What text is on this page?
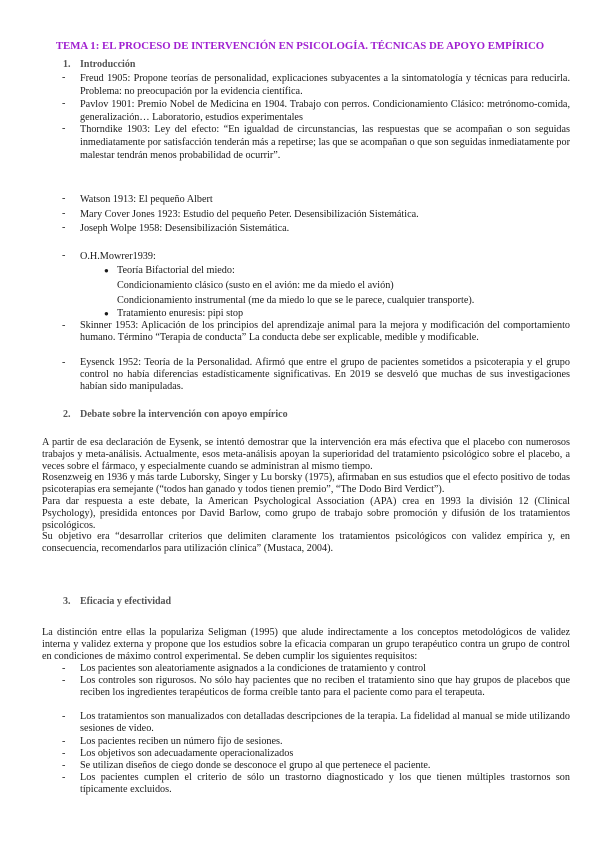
TEMA 1: EL PROCESO DE INTERVENCIÓN EN PSICOLOGÍA. TÉCNICAS DE APOYO EMPÍRICO
1. Introducción
- Freud 1905: Propone teorías de personalidad, explicaciones subyacentes a la sintomatología y técnicas para reducirla. Problema: no preocupación por la evidencia científica.
- Pavlov 1901: Premio Nobel de Medicina en 1904. Trabajo con perros. Condicionamiento Clásico: metrónomo-comida, generalización… Laboratorio, estudios experimentales
- Thorndike 1903: Ley del efecto: “En igualdad de circunstancias, las respuestas que se acompañan o son seguidas inmediatamente por satisfacción tenderán más a repetirse; las que se acompañan o que son seguidas inmediatamente por malestar tendrán menos probabilidad de ocurrir”.
- Watson 1913: El pequeño Albert
- Mary Cover Jones 1923: Estudio del pequeño Peter. Desensibilización Sistemática.
- Joseph Wolpe 1958: Desensibilización Sistemática.
- O.H.Mowrer1939:
● Teoría Bifactorial del miedo:
Condicionamiento clásico (susto en el avión: me da miedo el avión)
Condicionamiento instrumental (me da miedo lo que se le parece, cualquier transporte).
● Tratamiento enuresis: pipi stop
- Skinner 1953: Aplicación de los principios del aprendizaje animal para la mejora y modificación del comportamiento humano. Término “Terapia de conducta” La conducta debe ser explicable, medible y modificable.
- Eysenck 1952: Teoría de la Personalidad. Afirmó que entre el grupo de pacientes sometidos a psicoterapia y el grupo control no había diferencias estadísticamente significativas. En 2019 se desveló que muchas de sus investigaciones habían sido manipuladas.
2. Debate sobre la intervención con apoyo empírico
A partir de esa declaración de Eysenk, se intentó demostrar que la intervención era más efectiva que el placebo con numerosos trabajos y meta-análisis. Actualmente, esos meta-análisis apoyan la superioridad del tratamiento psicológico sobre el placebo, a veces sobre el fármaco, y especialmente cuando se administran al mismo tiempo.
Rosenzweig en 1936 y más tarde Luborsky, Singer y Lu borsky (1975), afirmaban en sus estudios que el efecto positivo de todas psicoterapias era semejante (“todos han ganado y todos tienen premio”, “The Dodo Bird Verdict”).
Para dar respuesta a este debate, la American Psychological Association (APA) crea en 1993 la división 12 (Clinical Psychology), presidida entonces por David Barlow, como grupo de trabajo sobre promoción y difusión de los tratamientos psicológicos.
Su objetivo era “desarrollar criterios que delimiten claramente los tratamientos psicológicos con validez empírica y, en consecuencia, recomendarlos para utilización clínica” (Mustaca, 2004).
3. Eficacia y efectividad
La distinción entre ellas la populariza Seligman (1995) que alude indirectamente a los conceptos metodológicos de validez interna y validez externa y propone que los estudios sobre la eficacia comparan un grupo terapéutico contra un grupo de control en condiciones de máximo control experimental. Se deben cumplir los siguientes requisitos:
- Los pacientes son aleatoriamente asignados a la condiciones de tratamiento y control
- Los controles son rigurosos. No sólo hay pacientes que no reciben el tratamiento sino que hay grupos de placebos que reciben los ingredientes terapéuticos de forma creíble tanto para el paciente como para el terapeuta.
- Los tratamientos son manualizados con detalladas descripciones de la terapia. La fidelidad al manual se mide utilizando sesiones de video.
- Los pacientes reciben un número fijo de sesiones.
- Los objetivos son adecuadamente operacionalizados
- Se utilizan diseños de ciego donde se desconoce el grupo al que pertenece el paciente.
- Los pacientes cumplen el criterio de sólo un trastorno diagnosticado y los que tienen múltiples trastornos son típicamente excluidos.
